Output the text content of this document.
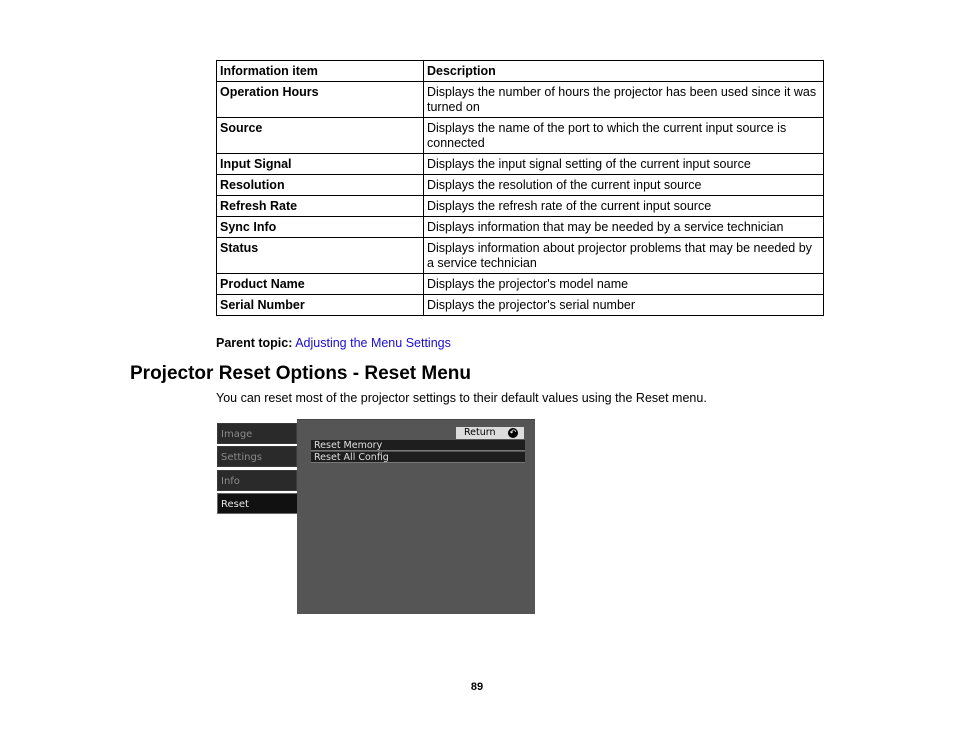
Information item	Description
Operation Hours	Displays the number of hours the projector has been used since it was turned on
Source	Displays the name of the port to which the current input source is connected
Input Signal	Displays the input signal setting of the current input source
Resolution	Displays the resolution of the current input source
Refresh Rate	Displays the refresh rate of the current input source
Sync Info	Displays information that may be needed by a service technician
Status	Displays information about projector problems that may be needed by a service technician
Product Name	Displays the projector's model name
Serial Number	Displays the projector's serial number
Parent topic: Adjusting the Menu Settings
Projector Reset Options - Reset Menu

You can reset most of the projector settings to their default values using the Reset menu.

Image
Settings
Info
Reset
Return ↶
Reset Memory
Reset All Config
89
